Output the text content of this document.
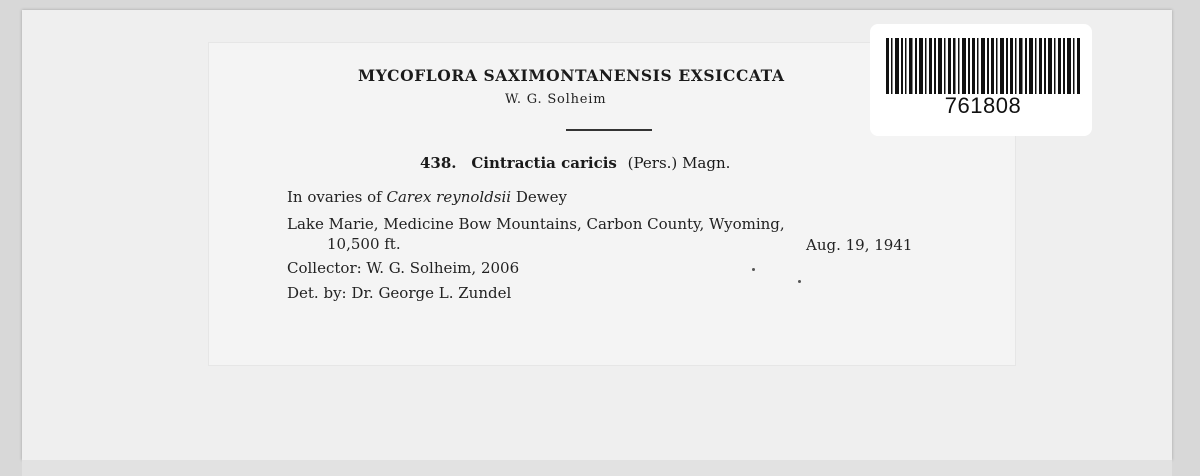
MYCOFLORA SAXIMONTANENSIS EXSICCATA
W. G. Solheim
438. Cintractia caricis (Pers.) Magn.
In ovaries of Carex reynoldsii Dewey
Lake Marie, Medicine Bow Mountains, Carbon County, Wyoming,
10,500 ft.	Aug. 19, 1941
Collector: W. G. Solheim, 2006
Det. by: Dr. George L. Zundel
761808
